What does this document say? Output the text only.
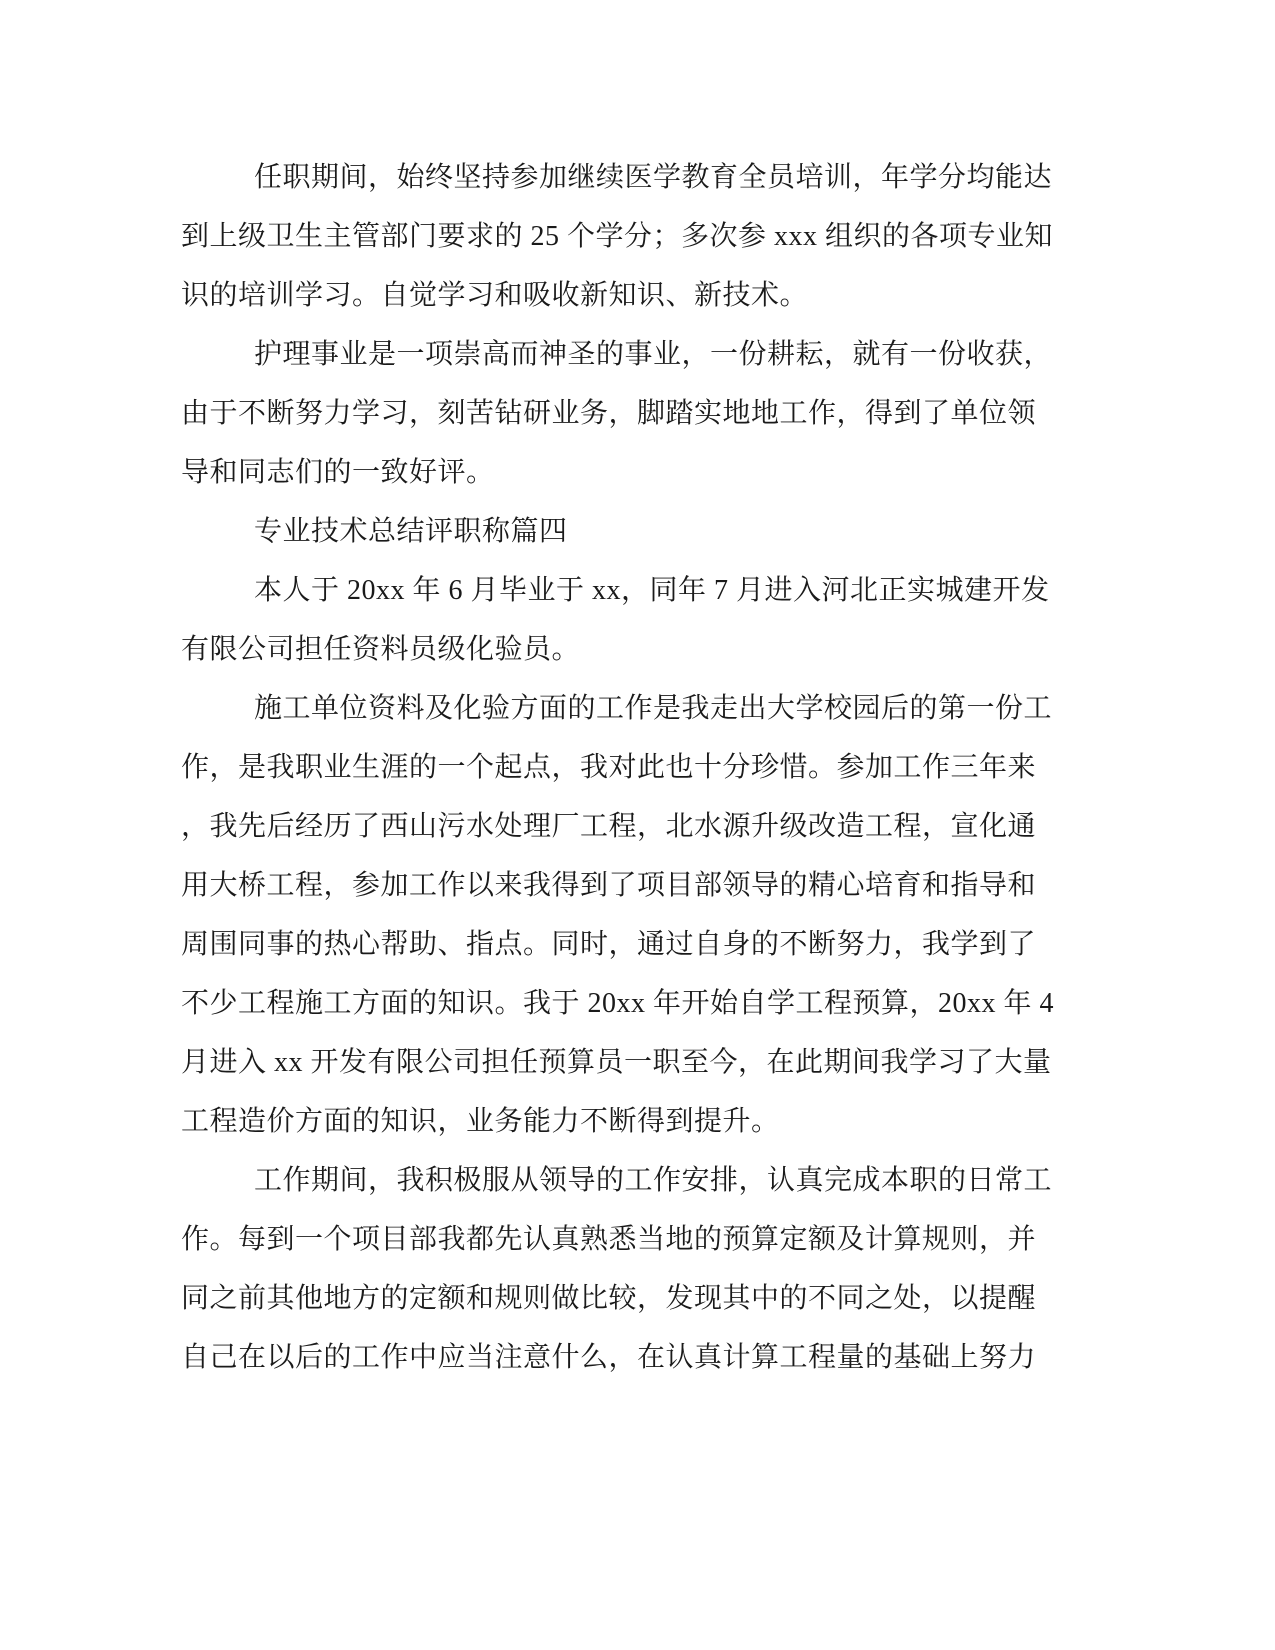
任职期间，始终坚持参加继续医学教育全员培训，年学分均能达
到上级卫生主管部门要求的 25 个学分；多次参 xxx 组织的各项专业知
识的培训学习。自觉学习和吸收新知识、新技术。
护理事业是一项崇高而神圣的事业，一份耕耘，就有一份收获，
由于不断努力学习，刻苦钻研业务，脚踏实地地工作，得到了单位领
导和同志们的一致好评。
专业技术总结评职称篇四
本人于 20xx 年 6 月毕业于 xx，同年 7 月进入河北正实城建开发
有限公司担任资料员级化验员。
施工单位资料及化验方面的工作是我走出大学校园后的第一份工
作，是我职业生涯的一个起点，我对此也十分珍惜。参加工作三年来
，我先后经历了西山污水处理厂工程，北水源升级改造工程，宣化通
用大桥工程，参加工作以来我得到了项目部领导的精心培育和指导和
周围同事的热心帮助、指点。同时，通过自身的不断努力，我学到了
不少工程施工方面的知识。我于 20xx 年开始自学工程预算，20xx 年 4
月进入 xx 开发有限公司担任预算员一职至今，在此期间我学习了大量
工程造价方面的知识，业务能力不断得到提升。
工作期间，我积极服从领导的工作安排，认真完成本职的日常工
作。每到一个项目部我都先认真熟悉当地的预算定额及计算规则，并
同之前其他地方的定额和规则做比较，发现其中的不同之处，以提醒
自己在以后的工作中应当注意什么，在认真计算工程量的基础上努力
